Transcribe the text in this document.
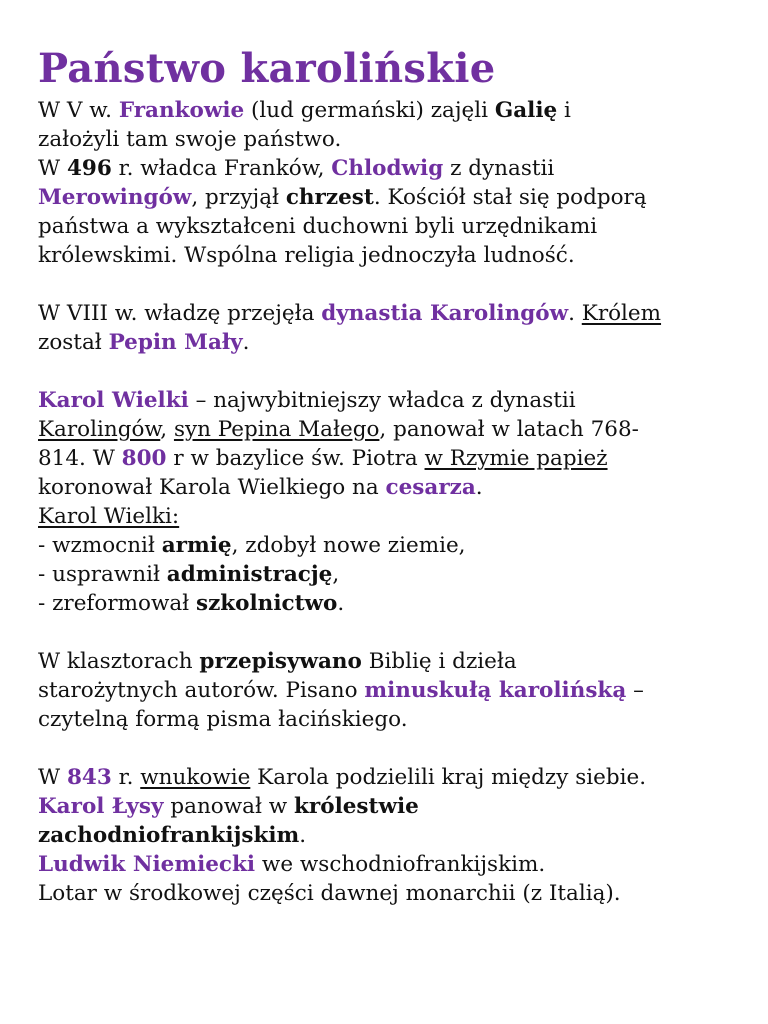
Państwo karolińskie
W V w. Frankowie (lud germański) zajęli Galię i
założyli tam swoje państwo.
W 496 r. władca Franków, Chlodwig z dynastii
Merowingów, przyjął chrzest. Kościół stał się podporą
państwa a wykształceni duchowni byli urzędnikami
królewskimi. Wspólna religia jednoczyła ludność.
W VIII w. władzę przejęła dynastia Karolingów. Królem
został Pepin Mały.
Karol Wielki – najwybitniejszy władca z dynastii
Karolingów, syn Pepina Małego, panował w latach 768-
814. W 800 r w bazylice św. Piotra w Rzymie papież
koronował Karola Wielkiego na cesarza.
Karol Wielki:
- wzmocnił armię, zdobył nowe ziemie,
- usprawnił administrację,
- zreformował szkolnictwo.
W klasztorach przepisywano Biblię i dzieła
starożytnych autorów. Pisano minuskułą karolińską –
czytelną formą pisma łacińskiego.
W 843 r. wnukowie Karola podzielili kraj między siebie.
Karol Łysy panował w królestwie
zachodniofrankijskim.
Ludwik Niemiecki we wschodniofrankijskim.
Lotar w środkowej części dawnej monarchii (z Italią).
